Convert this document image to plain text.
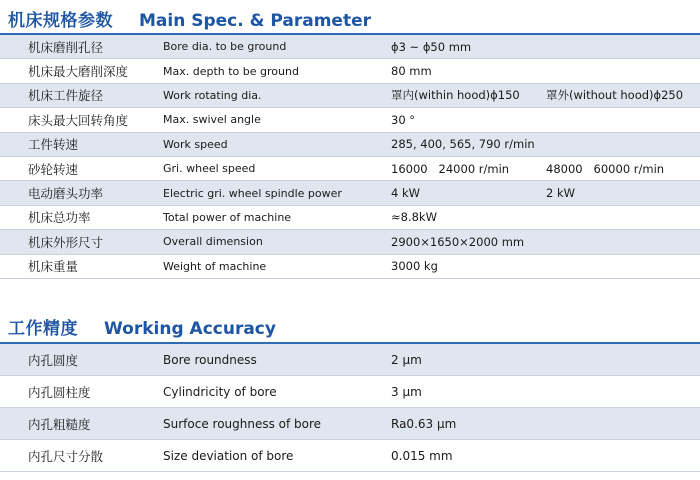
机床规格参数 Main Spec. & Parameter
机床磨削孔径	Bore dia. to be ground	ϕ3 ~ ϕ50 mm
机床最大磨削深度	Max. depth to be ground	80 mm
机床工件旋径	Work rotating dia.	罩内(within hood)ϕ150 罩外(without hood)ϕ250
床头最大回转角度	Max. swivel angle	30 °
工件转速	Work speed	285, 400, 565, 790 r/min
砂轮转速	Gri. wheel speed	16000   24000 r/min	48000   60000 r/min
电动磨头功率	Electric gri. wheel spindle power	4 kW	2 kW
机床总功率	Total power of machine	≈8.8kW
机床外形尺寸	Overall dimension	2900×1650×2000 mm
机床重量	Weight of machine	3000 kg
工作精度 Working Accuracy
内孔圆度	Bore roundness	2 μm
内孔圆柱度	Cylindricity of bore	3 μm
内孔粗糙度	Surfoce roughness of bore	Ra0.63 μm
内孔尺寸分散	Size deviation of bore	0.015 mm
